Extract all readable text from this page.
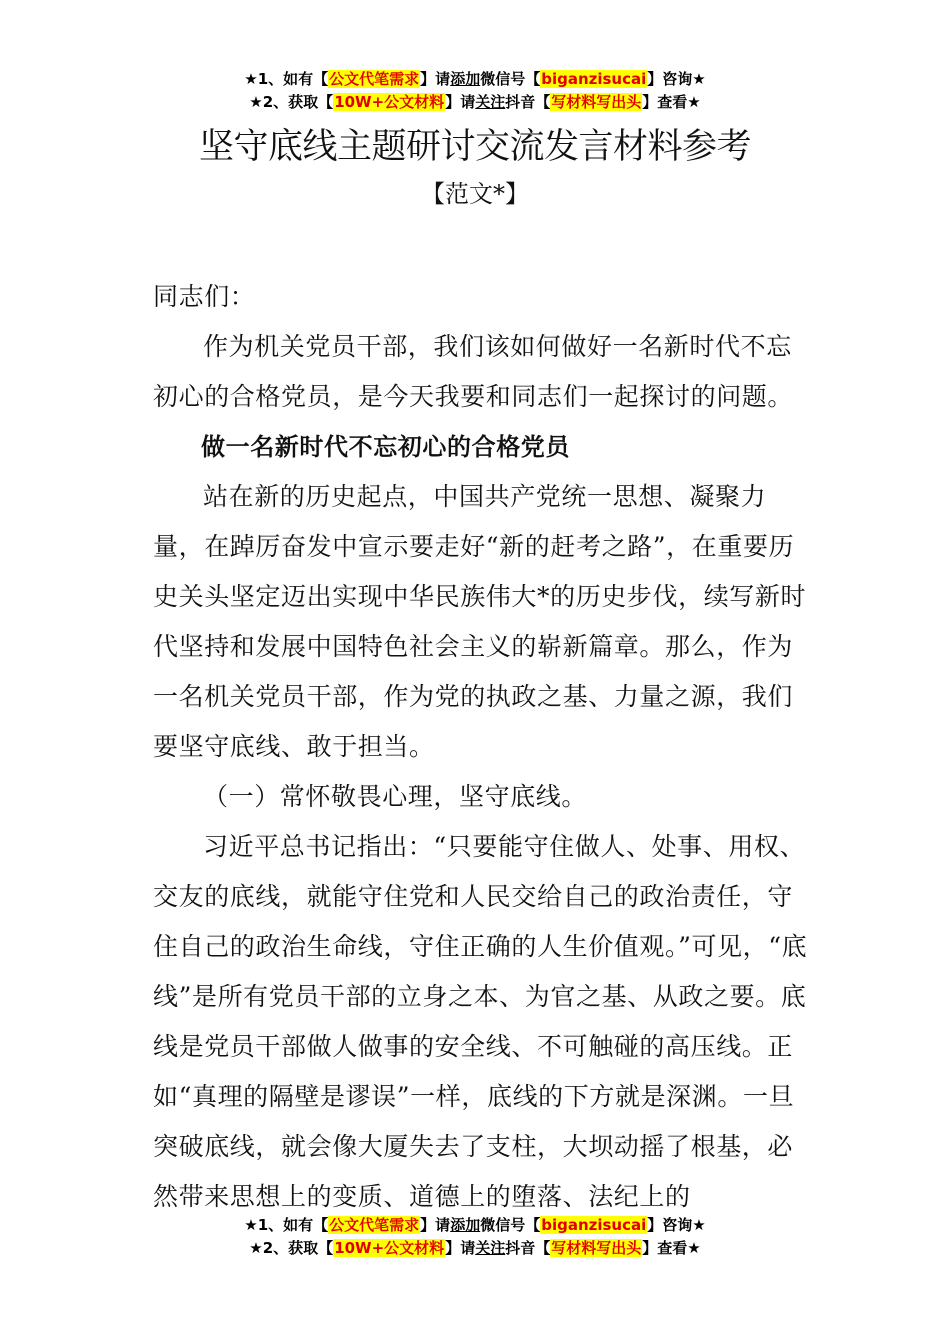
★1、如有【公文代笔需求】请添加微信号【biganzisucai】咨询★
★2、获取【10W+公文材料】请关注抖音【写材料写出头】查看★
坚守底线主题研讨交流发言材料参考
【范文*】

同志们：

作为机关党员干部，我们该如何做好一名新时代不忘初心的合格党员，是今天我要和同志们一起探讨的问题。

做一名新时代不忘初心的合格党员

站在新的历史起点，中国共产党统一思想、凝聚力量，在踔厉奋发中宣示要走好“新的赶考之路”，在重要历史关头坚定迈出实现中华民族伟大*的历史步伐，续写新时代坚持和发展中国特色社会主义的崭新篇章。那么，作为一名机关党员干部，作为党的执政之基、力量之源，我们要坚守底线、敢于担当。

（一）常怀敬畏心理，坚守底线。

习近平总书记指出：“只要能守住做人、处事、用权、交友的底线，就能守住党和人民交给自己的政治责任，守住自己的政治生命线，守住正确的人生价值观。”可见，“底线”是所有党员干部的立身之本、为官之基、从政之要。底线是党员干部做人做事的安全线、不可触碰的高压线。正如“真理的隔壁是谬误”一样，底线的下方就是深渊。一旦突破底线，就会像大厦失去了支柱，大坝动摇了根基，必然带来思想上的变质、道德上的堕落、法纪上的

★1、如有【公文代笔需求】请添加微信号【biganzisucai】咨询★
★2、获取【10W+公文材料】请关注抖音【写材料写出头】查看★
